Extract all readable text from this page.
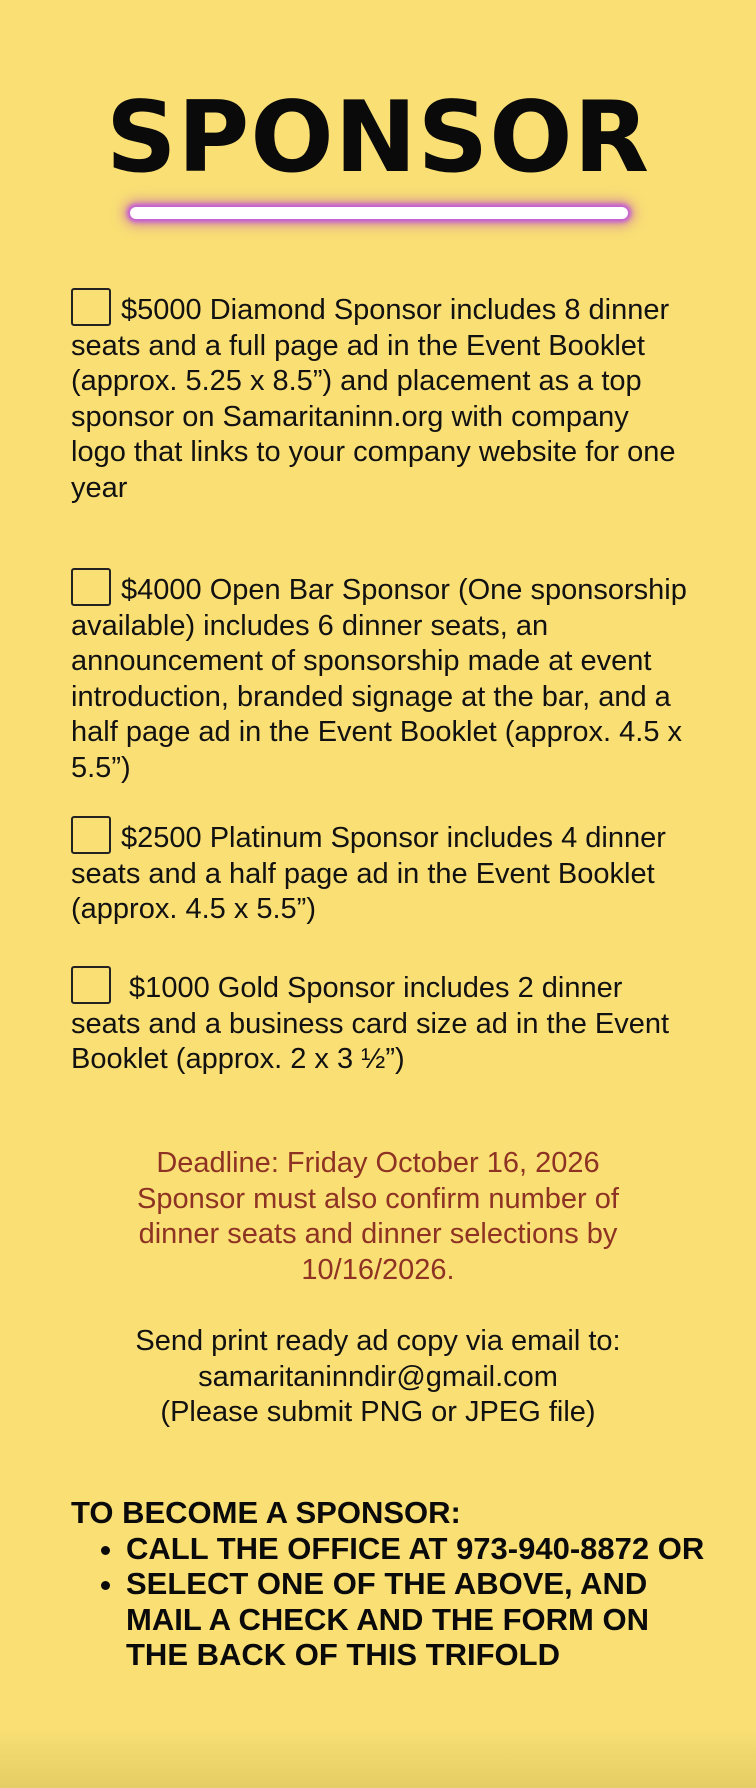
SPONSOR
$5000 Diamond Sponsor includes 8 dinner seats and a full page ad in the Event Booklet (approx. 5.25 x 8.5”) and placement as a top sponsor on Samaritaninn.org with company logo that links to your company website for one year
$4000 Open Bar Sponsor (One sponsorship available) includes 6 dinner seats, an announcement of sponsorship made at event introduction, branded signage at the bar, and a half page ad in the Event Booklet (approx. 4.5 x 5.5”)
$2500 Platinum Sponsor includes 4 dinner seats and a half page ad in the Event Booklet (approx. 4.5 x 5.5”)
$1000 Gold Sponsor includes 2 dinner seats and a business card size ad in the Event Booklet (approx. 2 x 3 ½”)
Deadline: Friday October 16, 2026
Sponsor must also confirm number of
dinner seats and dinner selections by
10/16/2026.
Send print ready ad copy via email to:
samaritaninndir@gmail.com
(Please submit PNG or JPEG file)
TO BECOME A SPONSOR:
• CALL THE OFFICE AT 973-940-8872 OR
• SELECT ONE OF THE ABOVE, AND MAIL A CHECK AND THE FORM ON THE BACK OF THIS TRIFOLD
